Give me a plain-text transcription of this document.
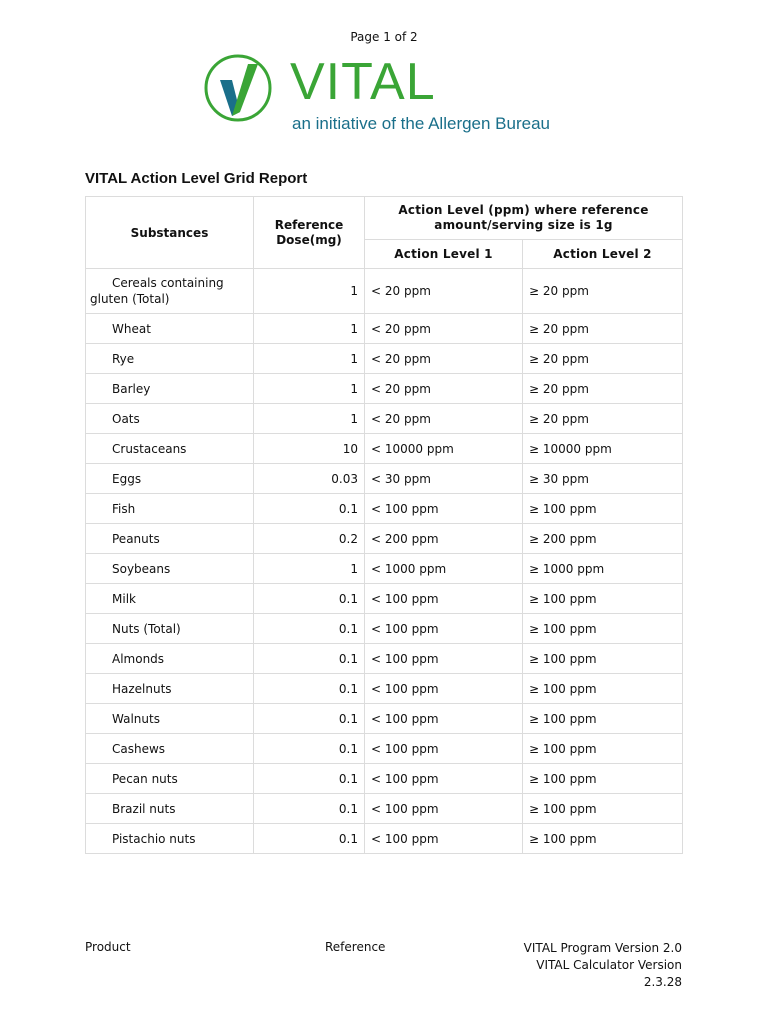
Page 1 of 2
VITAL
an initiative of the Allergen Bureau
VITAL Action Level Grid Report
Substances	Reference Dose(mg)	Action Level (ppm) where reference amount/serving size is 1g	
		Action Level 1	Action Level 2
Cereals containing gluten (Total)	1	< 20 ppm	≥ 20 ppm
Wheat	1	< 20 ppm	≥ 20 ppm
Rye	1	< 20 ppm	≥ 20 ppm
Barley	1	< 20 ppm	≥ 20 ppm
Oats	1	< 20 ppm	≥ 20 ppm
Crustaceans	10	< 10000 ppm	≥ 10000 ppm
Eggs	0.03	< 30 ppm	≥ 30 ppm
Fish	0.1	< 100 ppm	≥ 100 ppm
Peanuts	0.2	< 200 ppm	≥ 200 ppm
Soybeans	1	< 1000 ppm	≥ 1000 ppm
Milk	0.1	< 100 ppm	≥ 100 ppm
Nuts (Total)	0.1	< 100 ppm	≥ 100 ppm
Almonds	0.1	< 100 ppm	≥ 100 ppm
Hazelnuts	0.1	< 100 ppm	≥ 100 ppm
Walnuts	0.1	< 100 ppm	≥ 100 ppm
Cashews	0.1	< 100 ppm	≥ 100 ppm
Pecan nuts	0.1	< 100 ppm	≥ 100 ppm
Brazil nuts	0.1	< 100 ppm	≥ 100 ppm
Pistachio nuts	0.1	< 100 ppm	≥ 100 ppm
Product	Reference	VITAL Program Version 2.0
VITAL Calculator Version
2.3.28
